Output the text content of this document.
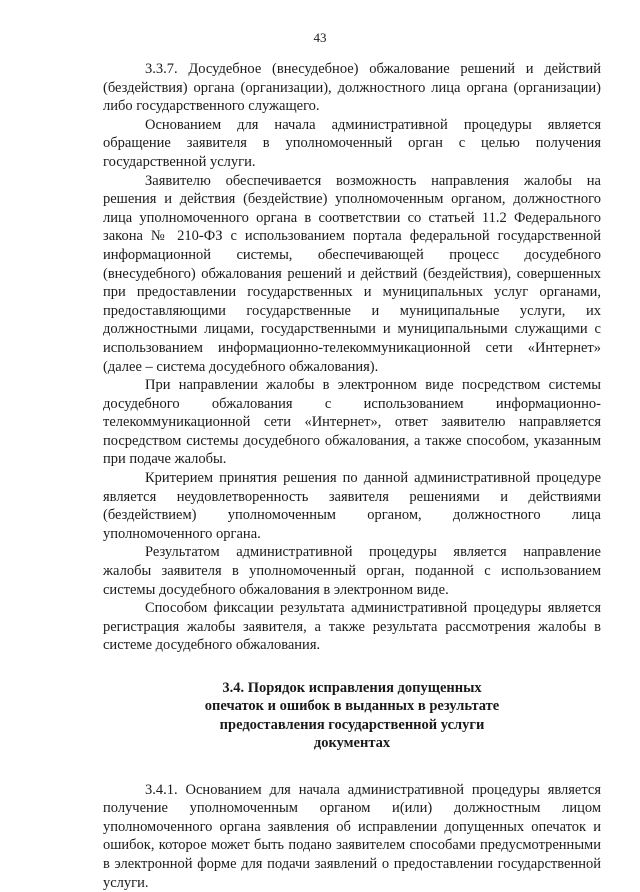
43

3.3.7. Досудебное (внесудебное) обжалование решений и действий (бездействия) органа (организации), должностного лица органа (организации) либо государственного служащего.

Основанием для начала административной процедуры является обращение заявителя в уполномоченный орган с целью получения государственной услуги.

Заявителю обеспечивается возможность направления жалобы на решения и действия (бездействие) уполномоченным органом, должностного лица уполномоченного органа в соответствии со статьей 11.2 Федерального закона № 210-ФЗ с использованием портала федеральной государственной информационной системы, обеспечивающей процесс досудебного (внесудебного) обжалования решений и действий (бездействия), совершенных при предоставлении государственных и муниципальных услуг органами, предоставляющими государственные и муниципальные услуги, их должностными лицами, государственными и муниципальными служащими с использованием информационно-телекоммуникационной сети «Интернет» (далее – система досудебного обжалования).

При направлении жалобы в электронном виде посредством системы досудебного обжалования с использованием информационно-телекоммуникационной сети «Интернет», ответ заявителю направляется посредством системы досудебного обжалования, а также способом, указанным при подаче жалобы.

Критерием принятия решения по данной административной процедуре является неудовлетворенность заявителя решениями и действиями (бездействием) уполномоченным органом, должностного лица уполномоченного органа.

Результатом административной процедуры является направление жалобы заявителя в уполномоченный орган, поданной с использованием системы досудебного обжалования в электронном виде.

Способом фиксации результата административной процедуры является регистрация жалобы заявителя, а также результата рассмотрения жалобы в системе досудебного обжалования.

3.4. Порядок исправления допущенных
опечаток и ошибок в выданных в результате
предоставления государственной услуги
документах

3.4.1. Основанием для начала административной процедуры является получение уполномоченным органом и(или) должностным лицом уполномоченного органа заявления об исправлении допущенных опечаток и ошибок, которое может быть подано заявителем способами предусмотренными в электронной форме для подачи заявлений о предоставлении государственной услуги.
